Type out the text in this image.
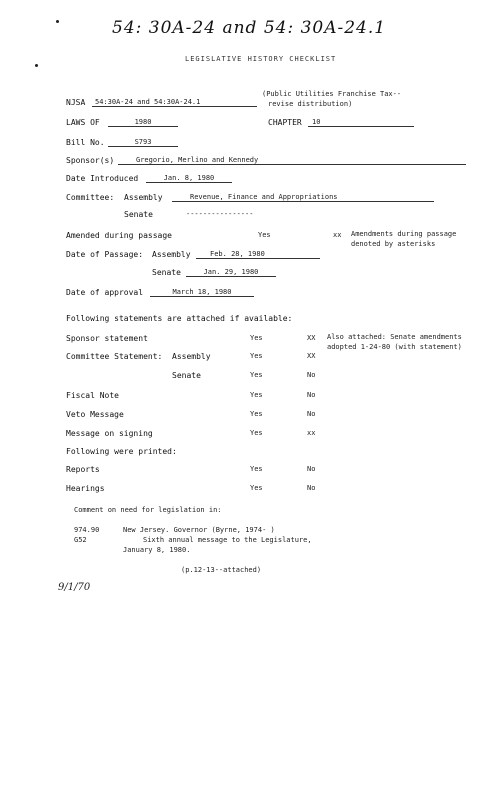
54: 30A-24 and 54: 30A-24.1
LEGISLATIVE HISTORY CHECKLIST
NJSA	54:30A-24 and 54:30A-24.1
(Public Utilities Franchise Tax--
revise distribution)
LAWS OF	1980	CHAPTER	10
Bill No.	S793
Sponsor(s)	Gregorio, Merlino and Kennedy
Date Introduced	Jan. 8, 1980
Committee: Assembly	Revenue, Finance and Appropriations
Senate	----------------
Amended during passage	Yes	xx Amendments during passage
denoted by asterisks
Date of Passage: Assembly	Feb. 28, 1980
Senate	Jan. 29, 1980
Date of approval	March 18, 1980
Following statements are attached if available:
Sponsor statement	Yes	XX Also attached: Senate amendments
adopted 1-24-80 (with statement)
Committee Statement: Assembly	Yes	XX
Senate	Yes	No
Fiscal Note	Yes	No
Veto Message	Yes	No
Message on signing	Yes	xx
Following were printed:
Reports	Yes	No
Hearings	Yes	No
Comment on need for legislation in:
974.90	New Jersey. Governor (Byrne, 1974- )
G52	Sixth annual message to the Legislature,
January 8, 1980.
(p.12-13--attached)
9/1/70
